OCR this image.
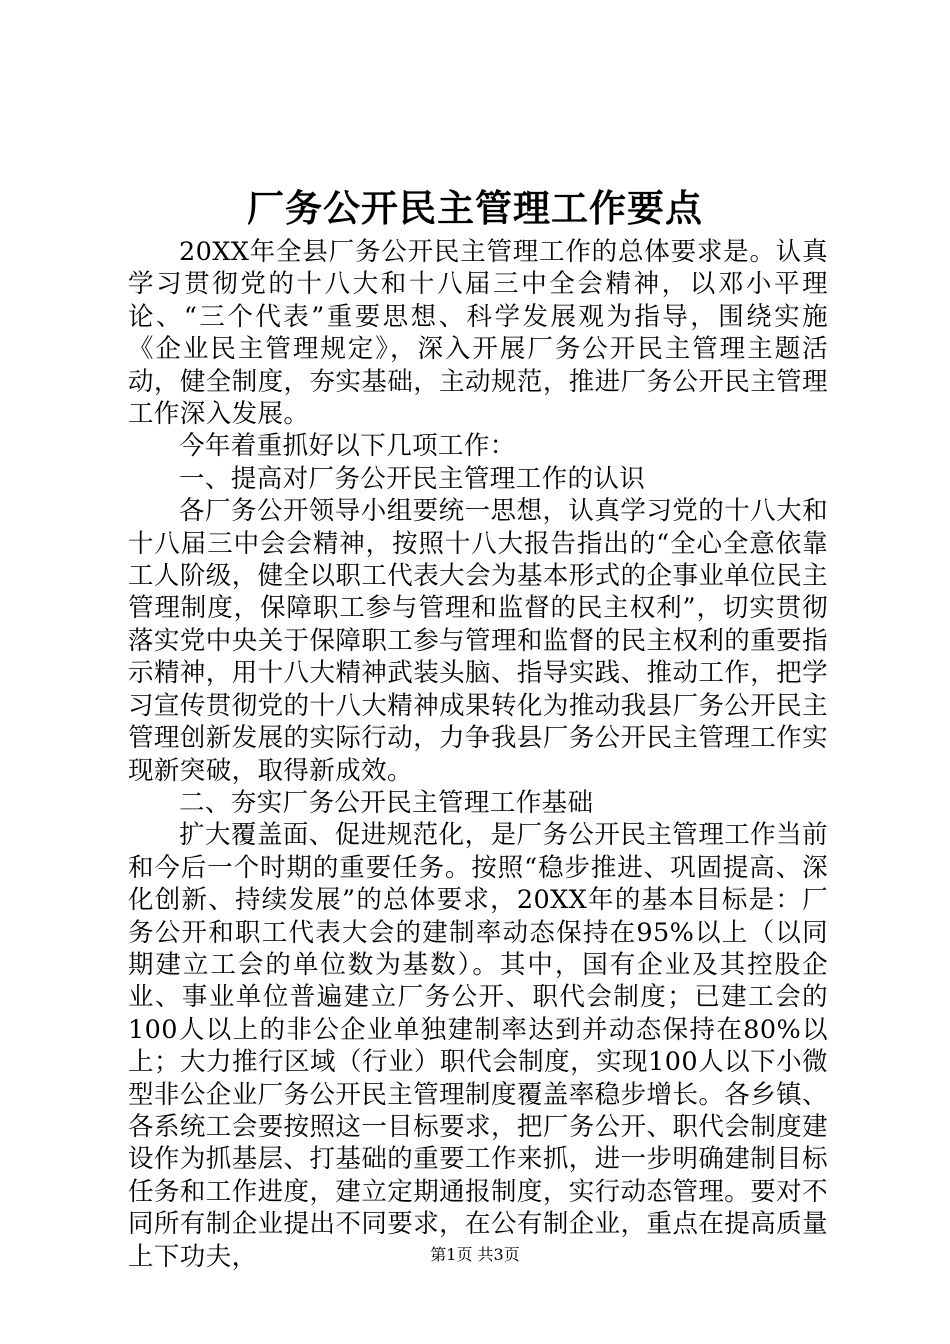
厂务公开民主管理工作要点

20XX年全县厂务公开民主管理工作的总体要求是。认真学习贯彻党的十八大和十八届三中全会精神，以邓小平理论、“三个代表”重要思想、科学发展观为指导，围绕实施《企业民主管理规定》，深入开展厂务公开民主管理主题活动，健全制度，夯实基础，主动规范，推进厂务公开民主管理工作深入发展。

今年着重抓好以下几项工作：

一、提高对厂务公开民主管理工作的认识

各厂务公开领导小组要统一思想，认真学习党的十八大和十八届三中会会精神，按照十八大报告指出的“全心全意依靠工人阶级，健全以职工代表大会为基本形式的企事业单位民主管理制度，保障职工参与管理和监督的民主权利”，切实贯彻落实党中央关于保障职工参与管理和监督的民主权利的重要指示精神，用十八大精神武装头脑、指导实践、推动工作，把学习宣传贯彻党的十八大精神成果转化为推动我县厂务公开民主管理创新发展的实际行动，力争我县厂务公开民主管理工作实现新突破，取得新成效。

二、夯实厂务公开民主管理工作基础

扩大覆盖面、促进规范化，是厂务公开民主管理工作当前和今后一个时期的重要任务。按照“稳步推进、巩固提高、深化创新、持续发展”的总体要求，20XX年的基本目标是：厂务公开和职工代表大会的建制率动态保持在95%以上（以同期建立工会的单位数为基数）。其中，国有企业及其控股企业、事业单位普遍建立厂务公开、职代会制度；已建工会的100人以上的非公企业单独建制率达到并动态保持在80%以上；大力推行区域（行业）职代会制度，实现100人以下小微型非公企业厂务公开民主管理制度覆盖率稳步增长。各乡镇、各系统工会要按照这一目标要求，把厂务公开、职代会制度建设作为抓基层、打基础的重要工作来抓，进一步明确建制目标任务和工作进度，建立定期通报制度，实行动态管理。要对不同所有制企业提出不同要求，在公有制企业，重点在提高质量上下功夫，	第1页 共3页
